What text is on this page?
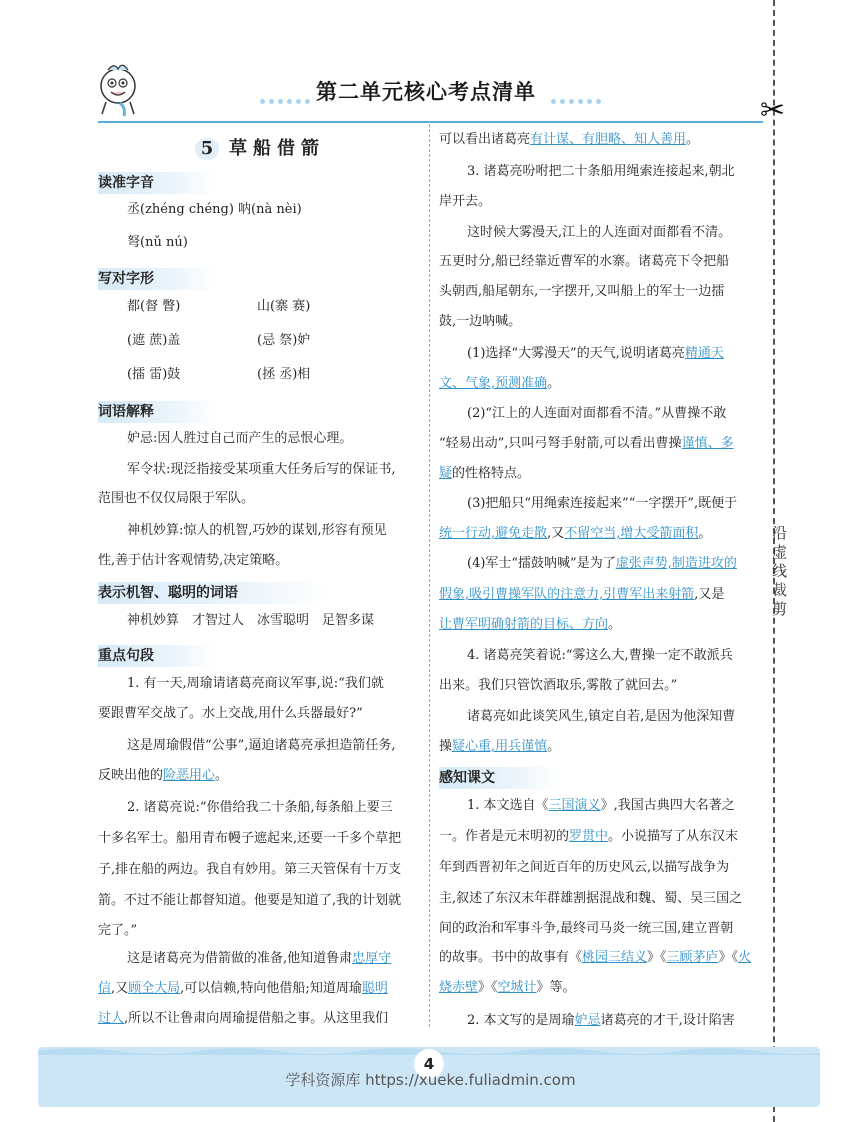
第二单元核心考点清单
✂
沿虚线裁剪
5 草船借箭
读准字音
丞(zhéng chéng) 呐(nà nèi)
弩(nǔ nú)
写对字形
都(督 瞥)	山(寨 赛)
(遮 蔗)盖	(忌 祭)妒
(擂 雷)鼓	(拯 丞)相
词语解释
妒忌:因人胜过自己而产生的忌恨心理。
军令状:现泛指接受某项重大任务后写的保证书,
范围也不仅仅局限于军队。
神机妙算:惊人的机智,巧妙的谋划,形容有预见
性,善于估计客观情势,决定策略。
表示机智、聪明的词语
神机妙算　才智过人　冰雪聪明　足智多谋
重点句段
1. 有一天,周瑜请诸葛亮商议军事,说:“我们就
要跟曹军交战了。水上交战,用什么兵器最好?”
这是周瑜假借“公事”,逼迫诸葛亮承担造箭任务,
反映出他的险恶用心。
2. 诸葛亮说:“你借给我二十条船,每条船上要三
十多名军士。船用青布幔子遮起来,还要一千多个草把
子,排在船的两边。我自有妙用。第三天管保有十万支
箭。不过不能让都督知道。他要是知道了,我的计划就
完了。”
这是诸葛亮为借箭做的准备,他知道鲁肃忠厚守
信,又顾全大局,可以信赖,特向他借船;知道周瑜聪明
过人,所以不让鲁肃向周瑜提借船之事。从这里我们
可以看出诸葛亮有计谋、有胆略、知人善用。
3. 诸葛亮吩咐把二十条船用绳索连接起来,朝北
岸开去。
这时候大雾漫天,江上的人连面对面都看不清。
五更时分,船已经靠近曹军的水寨。诸葛亮下令把船
头朝西,船尾朝东,一字摆开,又叫船上的军士一边擂
鼓,一边呐喊。
(1)选择“大雾漫天”的天气,说明诸葛亮精通天
文、气象,预测准确。
(2)“江上的人连面对面都看不清。”从曹操不敢
“轻易出动”,只叫弓弩手射箭,可以看出曹操谨慎、多
疑的性格特点。
(3)把船只“用绳索连接起来”“一字摆开”,既便于
统一行动,避免走散,又不留空当,增大受箭面积。
(4)军士“擂鼓呐喊”是为了虚张声势,制造进攻的
假象,吸引曹操军队的注意力,引曹军出来射箭,又是
让曹军明确射箭的目标、方向。
4. 诸葛亮笑着说:“雾这么大,曹操一定不敢派兵
出来。我们只管饮酒取乐,雾散了就回去。”
诸葛亮如此谈笑风生,镇定自若,是因为他深知曹
操疑心重,用兵谨慎。
感知课文
1. 本文选自《三国演义》,我国古典四大名著之
一。作者是元末明初的罗贯中。小说描写了从东汉末
年到西晋初年之间近百年的历史风云,以描写战争为
主,叙述了东汉末年群雄割据混战和魏、蜀、吴三国之
间的政治和军事斗争,最终司马炎一统三国,建立晋朝
的故事。书中的故事有《桃园三结义》《三顾茅庐》《火
烧赤壁》《空城计》等。
2. 本文写的是周瑜妒忌诸葛亮的才干,设计陷害
4
学科资源库 https://xueke.fuliadmin.com
